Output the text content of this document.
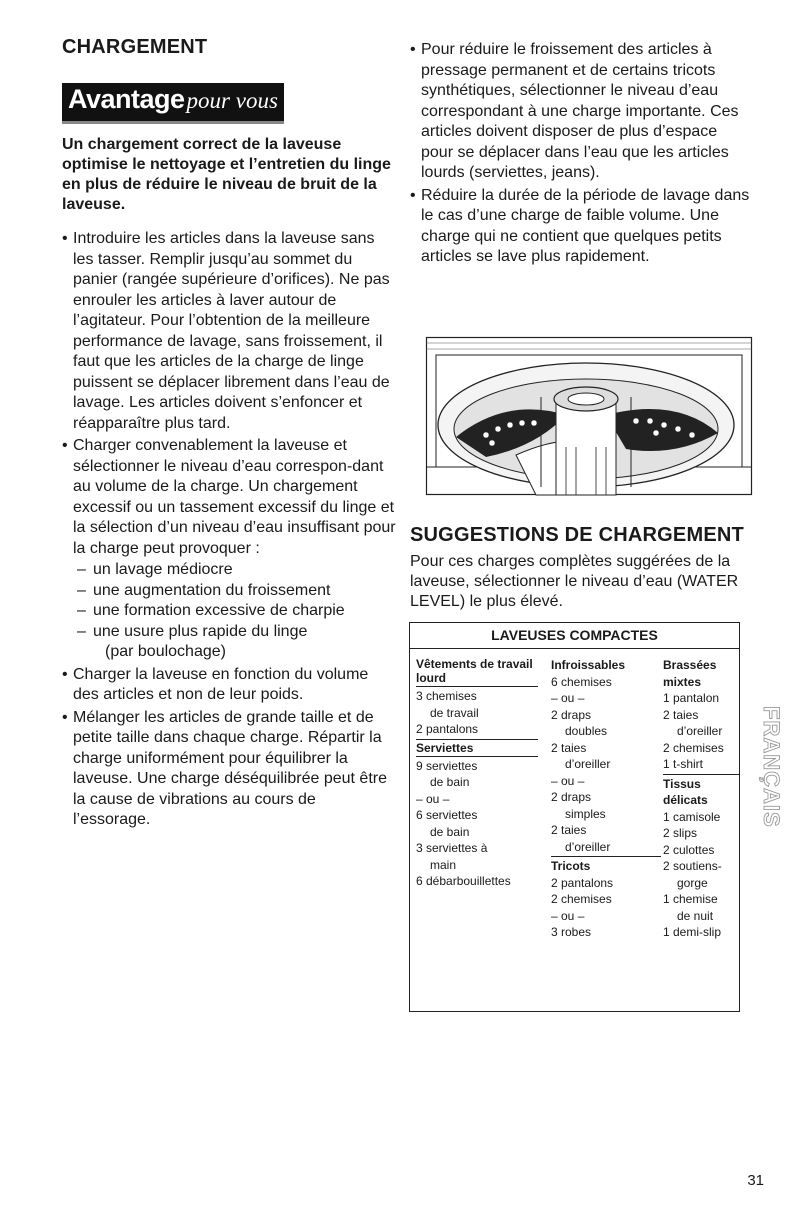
CHARGEMENT
Avantagepour vous

Un chargement correct de la laveuse optimise le nettoyage et l’entretien du linge en plus de réduire le niveau de bruit de la laveuse.

• Introduire les articles dans la laveuse sans les tasser. Remplir jusqu’au sommet du panier (rangée supérieure d’orifices). Ne pas enrouler les articles à laver autour de l’agitateur. Pour l’obtention de la meilleure performance de lavage, sans froissement, il faut que les articles de la charge de linge puissent se déplacer librement dans l’eau de lavage. Les articles doivent s’enfoncer et réapparaître plus tard.
• Charger convenablement la laveuse et sélectionner le niveau d’eau correspon-dant au volume de la charge. Un chargement excessif ou un tassement excessif du linge et la sélection d’un niveau d’eau insuffisant pour la charge peut provoquer :
– un lavage médiocre
– une augmentation du froissement
– une formation excessive de charpie
– une usure plus rapide du linge
(par boulochage)
• Charger la laveuse en fonction du volume des articles et non de leur poids.
• Mélanger les articles de grande taille et de petite taille dans chaque charge. Répartir la charge uniformément pour équilibrer la laveuse. Une charge déséquilibrée peut être la cause de vibrations au cours de l’essorage.
• Pour réduire le froissement des articles à pressage permanent et de certains tricots synthétiques, sélectionner le niveau d’eau correspondant à une charge importante. Ces articles doivent disposer de plus d’espace pour se déplacer dans l’eau que les articles lourds (serviettes, jeans).
• Réduire la durée de la période de lavage dans le cas d’une charge de faible volume. Une charge qui ne contient que quelques petits articles se lave plus rapidement.
SUGGESTIONS DE CHARGEMENT

Pour ces charges complètes suggérées de la laveuse, sélectionner le niveau d’eau (WATER LEVEL) le plus élevé.

LAVEUSES COMPACTES
Vêtements de travail lourd
3 chemises
de travail
2 pantalons
Serviettes
9 serviettes
de bain
– ou –
6 serviettes
de bain
3 serviettes à
main
6 débarbouillettes
Infroissables
6 chemises
– ou –
2 draps
doubles
2 taies
d’oreiller
– ou –
2 draps
simples
2 taies
d’oreiller
Tricots
2 pantalons
2 chemises
– ou –
3 robes
Brassées mixtes
1 pantalon
2 taies
d’oreiller
2 chemises
1 t-shirt
Tissus délicats
1 camisole
2 slips
2 culottes
2 soutiens-
gorge
1 chemise
de nuit
1 demi-slip
FRANÇAIS
31
